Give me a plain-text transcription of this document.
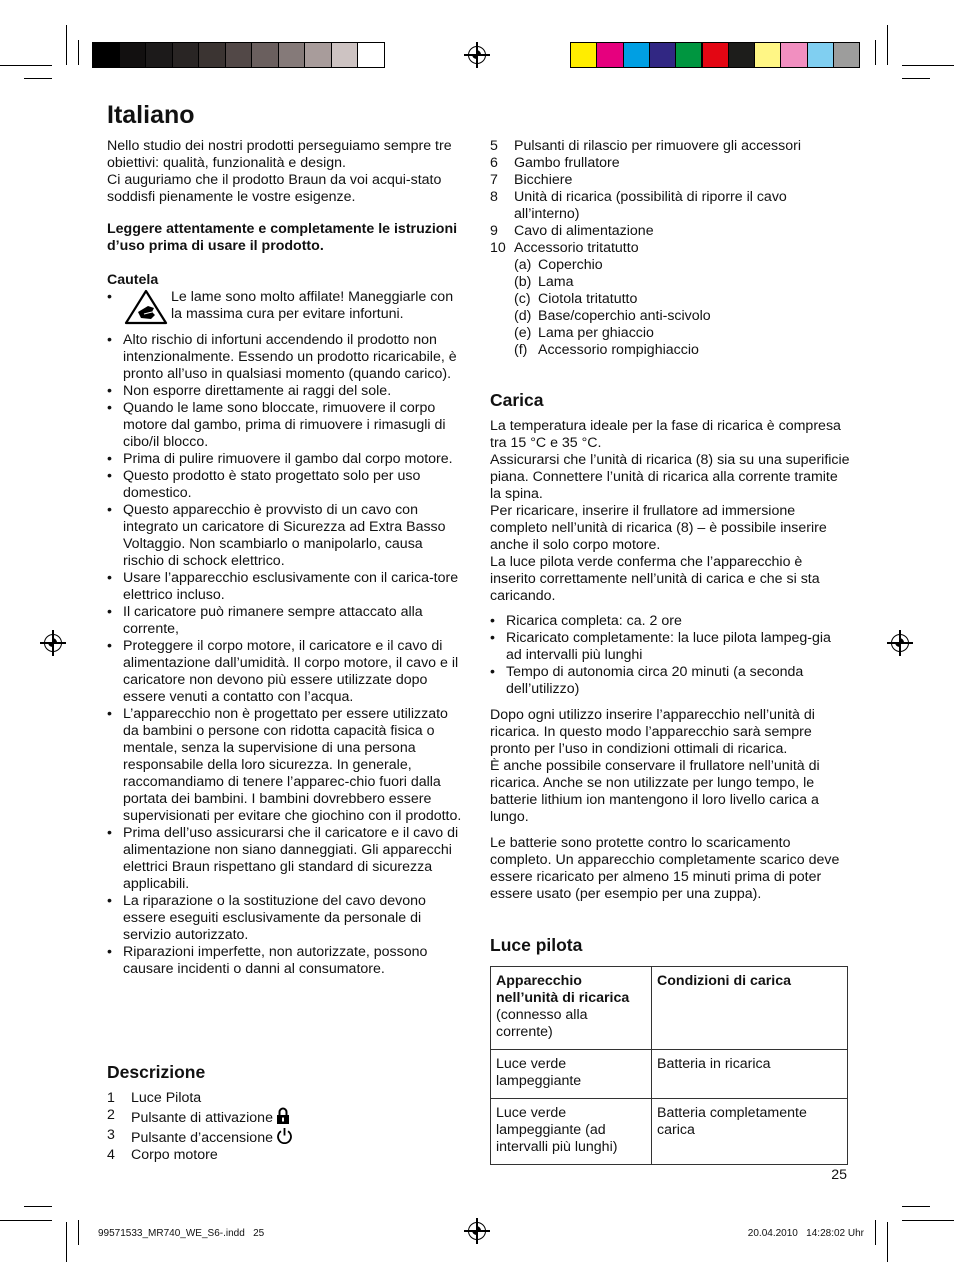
Italiano

Nello studio dei nostri prodotti perseguiamo sempre tre obiettivi: qualità, funzionalità e design.

Ci auguriamo che il prodotto Braun da voi acqui-stato soddisfi pienamente le vostre esigenze.

Leggere attentamente e completamente le istruzioni d’uso prima di usare il prodotto.

Cautela

•	Le lame sono molto affilate! Maneggiarle con la massima cura per evitare infortuni.

• Alto rischio di infortuni accendendo il prodotto non intenzionalmente. Essendo un prodotto ricaricabile, è pronto all’uso in qualsiasi momento (quando carico).
• Non esporre direttamente ai raggi del sole.
• Quando le lame sono bloccate, rimuovere il corpo motore dal gambo, prima di rimuovere i rimasugli di cibo/il blocco.
• Prima di pulire rimuovere il gambo dal corpo motore.
• Questo prodotto è stato progettato solo per uso domestico.
• Questo apparecchio è provvisto di un cavo con integrato un caricatore di Sicurezza ad Extra Basso Voltaggio. Non scambiarlo o manipolarlo, causa rischio di schock elettrico.
• Usare l’apparecchio esclusivamente con il carica-tore elettrico incluso.
• Il caricatore può rimanere sempre attaccato alla corrente,
• Proteggere il corpo motore, il caricatore e il cavo di alimentazione dall’umidità. Il corpo motore, il cavo e il caricatore non devono più essere utilizzate dopo essere venuti a contatto con l’acqua.
• L’apparecchio non è progettato per essere utilizzato da bambini o persone con ridotta capacità fisica o mentale, senza la supervisione di una persona responsabile della loro sicurezza. In generale, raccomandiamo di tenere l’apparec-chio fuori dalla portata dei bambini. I bambini dovrebbero essere supervisionati per evitare che giochino con il prodotto.
• Prima dell’uso assicurarsi che il caricatore e il cavo di alimentazione non siano danneggiati. Gli apparecchi elettrici Braun rispettano gli standard di sicurezza applicabili.
• La riparazione o la sostituzione del cavo devono essere eseguiti esclusivamente da personale di servizio autorizzato.
• Riparazioni imperfette, non autorizzate, possono causare incidenti o danni al consumatore.
Descrizione
1	Luce Pilota
2	Pulsante di attivazione
3	Pulsante d’accensione
4	Corpo motore
5	Pulsanti di rilascio per rimuovere gli accessori
6	Gambo frullatore
7	Bicchiere
8	Unità di ricarica (possibilità di riporre il cavo all’interno)
9	Cavo di alimentazione
10 Accessorio tritatutto
(a) Coperchio
(b) Lama
(c) Ciotola tritatutto
(d) Base/coperchio anti-scivolo
(e) Lama per ghiaccio
(f) Accessorio rompighiaccio
Carica

La temperatura ideale per la fase di ricarica è compresa tra 15 °C e 35 °C.

Assicurarsi che l’unità di ricarica (8) sia su una superificie piana. Connettere l’unità di ricarica alla corrente tramite la spina.

Per ricaricare, inserire il frullatore ad immersione completo nell’unità di ricarica (8) – è possibile inserire anche il solo corpo motore.

La luce pilota verde conferma che l’apparecchio è inserito correttamente nell’unità di carica e che si sta caricando.

• Ricarica completa: ca. 2 ore
• Ricaricato completamente: la luce pilota lampeg-gia ad intervalli più lunghi
• Tempo di autonomia circa 20 minuti (a seconda dell’utilizzo)

Dopo ogni utilizzo inserire l’apparecchio nell’unità di ricarica. In questo modo l’apparecchio sarà sempre pronto per l’uso in condizioni ottimali di ricarica.

È anche possibile conservare il frullatore nell’unità di ricarica. Anche se non utilizzate per lungo tempo, le batterie lithium ion mantengono il loro livello carica a lungo.

Le batterie sono protette contro lo scaricamento completo. Un apparecchio completamente scarico deve essere ricaricato per almeno 15 minuti prima di poter essere usato (per esempio per una zuppa).

Luce pilota
Apparecchio nell’unità di ricarica
(connesso alla corrente)	Condizioni di carica
Luce verde lampeggiante	Batteria in ricarica
Luce verde lampeggiante (ad intervalli più lunghi)	Batteria completamente carica
25
99571533_MR740_WE_S6-.indd   25	20.04.2010   14:28:02 Uhr
